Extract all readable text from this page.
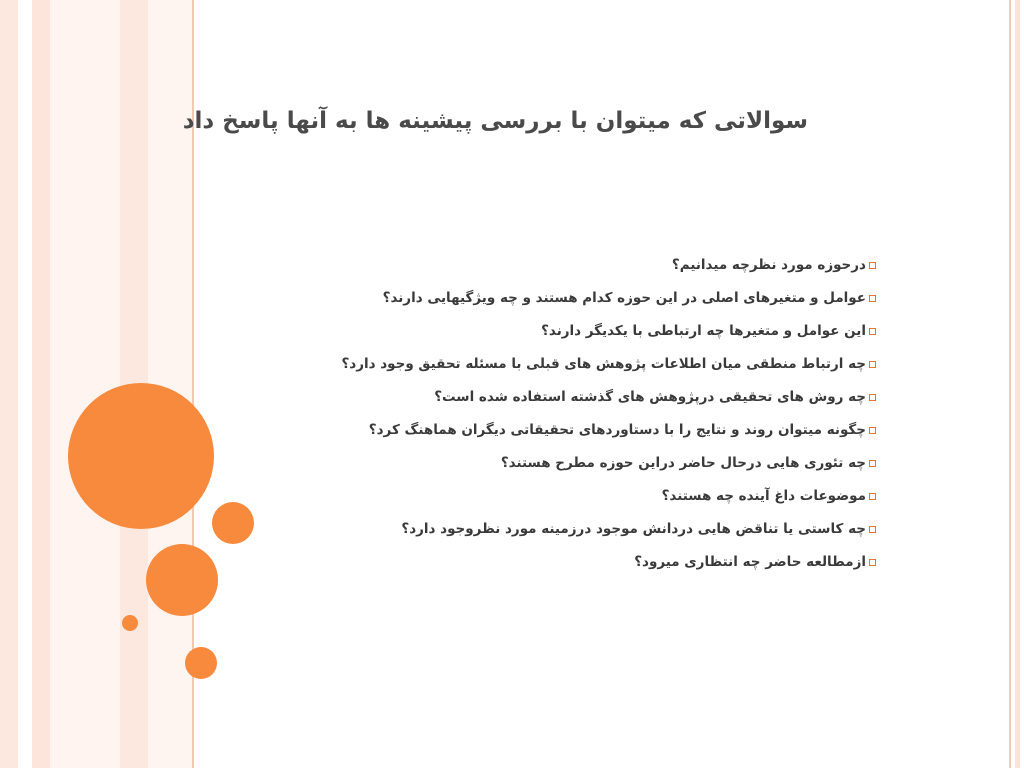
سوالاتی که میتوان با بررسی پیشینه ها به آنها پاسخ داد
درحوزه مورد نظرچه میدانیم؟
عوامل و متغیرهای اصلی در این حوزه کدام هستند و چه ویژگیهایی دارند؟
این عوامل و متغیرها چه ارتباطی با یکدیگر دارند؟
چه ارتباط منطقی میان اطلاعات پژوهش های قبلی با مسئله تحقیق وجود دارد؟
چه روش های تحقیقی درپژوهش های گذشته استفاده شده است؟
چگونه میتوان روند و نتایج را با دستاوردهای تحقیقاتی دیگران هماهنگ کرد؟
چه تئوری هایی درحال حاضر دراین حوزه مطرح هستند؟
موضوعات داغ آینده چه هستند؟
چه کاستی یا تناقض هایی دردانش موجود درزمینه مورد نظروجود دارد؟
ازمطالعه حاضر چه انتظاری میرود؟
